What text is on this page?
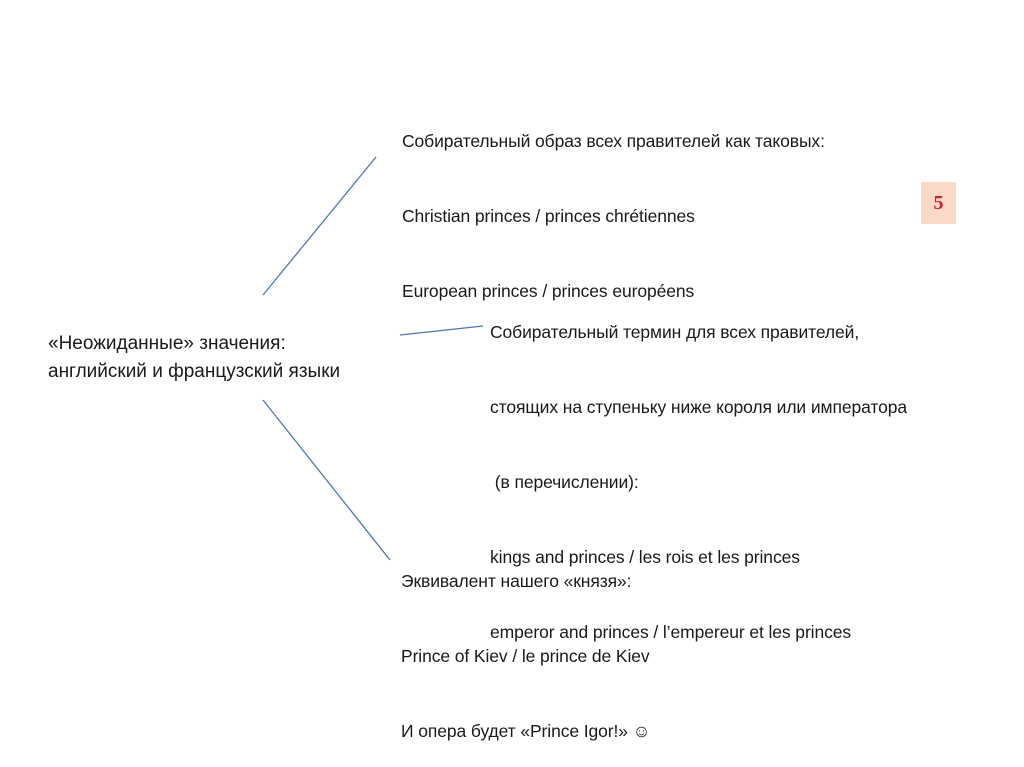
«Неожиданные» значения:
английский и французский языки

Собирательный образ всех правителей как таковых:

Christian princes / princes chrétiennes

European princes / princes européens

Собирательный термин для всех правителей,

стоящих на ступеньку ниже короля или императора

(в перечислении):

kings and princes / les rois et les princes

emperor and princes / l’empereur et les princes

Эквивалент нашего «князя»:

Prince of Kiev / le prince de Kiev

И опера будет «Prince Igor!» ☺

5
